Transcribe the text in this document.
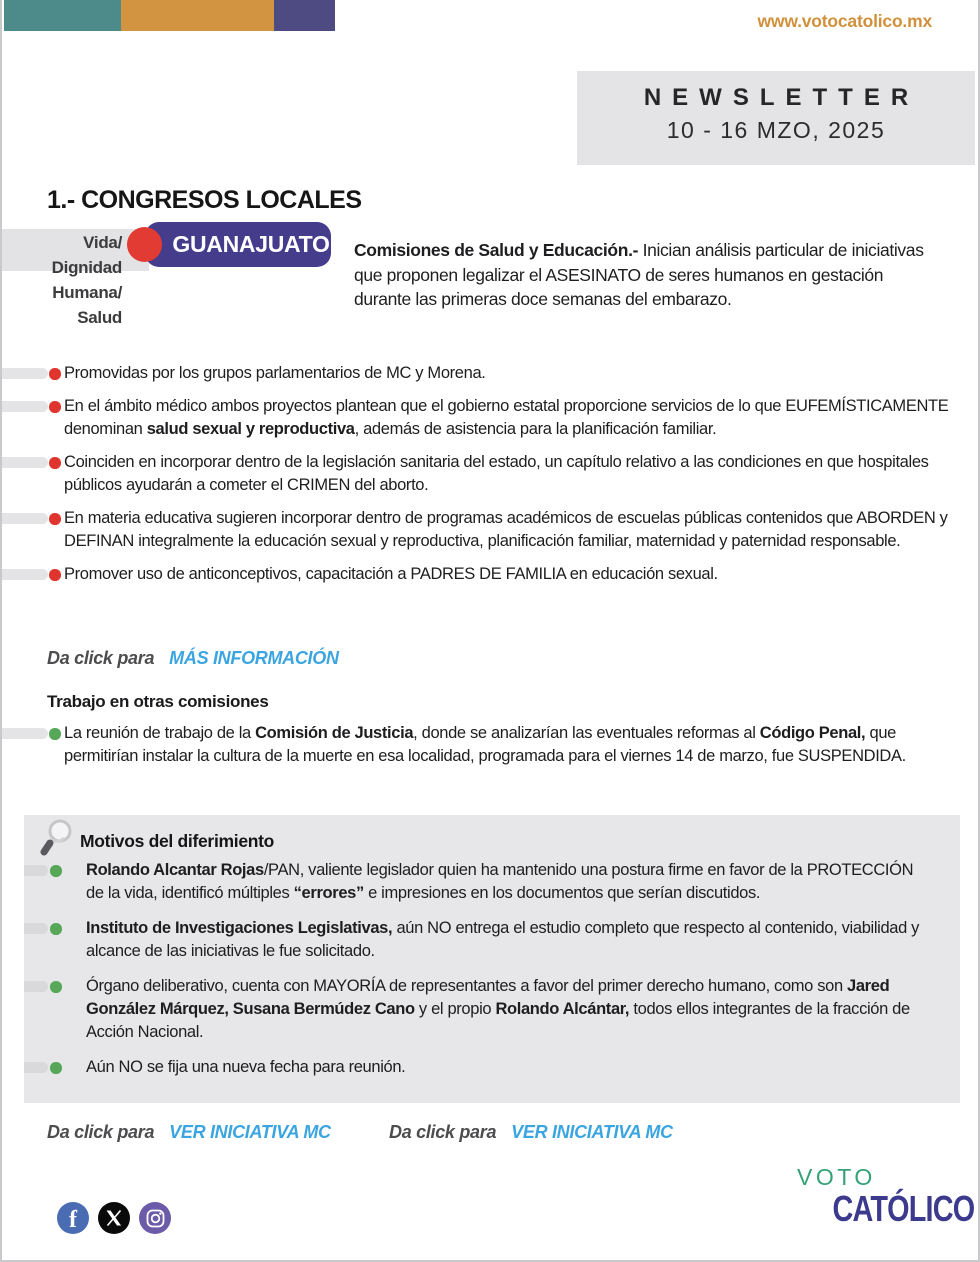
www.votocatolico.mx
NEWSLETTER
10 - 16 MZO, 2025
1.- CONGRESOS LOCALES
Vida/
Dignidad
Humana/
Salud
GUANAJUATO Comisiones de Salud y Educación.- Inician análisis particular de iniciativas que proponen legalizar el ASESINATO de seres humanos en gestación durante las primeras doce semanas del embarazo.

Promovidas por los grupos parlamentarios de MC y Morena.

En el ámbito médico ambos proyectos plantean que el gobierno estatal proporcione servicios de lo que EUFEMÍSTICAMENTE denominan salud sexual y reproductiva, además de asistencia para la planificación familiar.

Coinciden en incorporar dentro de la legislación sanitaria del estado, un capítulo relativo a las condiciones en que hospitales públicos ayudarán a cometer el CRIMEN del aborto.

En materia educativa sugieren incorporar dentro de programas académicos de escuelas públicas contenidos que ABORDEN y DEFINAN integralmente la educación sexual y reproductiva, planificación familiar, maternidad y paternidad responsable.

Promover uso de anticonceptivos, capacitación a PADRES DE FAMILIA en educación sexual.

Da click para MÁS INFORMACIÓN
Trabajo en otras comisiones

La reunión de trabajo de la Comisión de Justicia, donde se analizarían las eventuales reformas al Código Penal, que permitirían instalar la cultura de la muerte en esa localidad, programada para el viernes 14 de marzo, fue SUSPENDIDA.

Motivos del diferimiento

Rolando Alcantar Rojas/PAN, valiente legislador quien ha mantenido una postura firme en favor de la PROTECCIÓN de la vida, identificó múltiples “errores” e impresiones en los documentos que serían discutidos.

Instituto de Investigaciones Legislativas, aún NO entrega el estudio completo que respecto al contenido, viabilidad y alcance de las iniciativas le fue solicitado.

Órgano deliberativo, cuenta con MAYORÍA de representantes a favor del primer derecho humano, como son Jared González Márquez, Susana Bermúdez Cano y el propio Rolando Alcántar, todos ellos integrantes de la fracción de Acción Nacional.

Aún NO se fija una nueva fecha para reunión.

Da click para VER INICIATIVA MC	Da click para VER INICIATIVA MC
f
VOTO
CATÓLICO
